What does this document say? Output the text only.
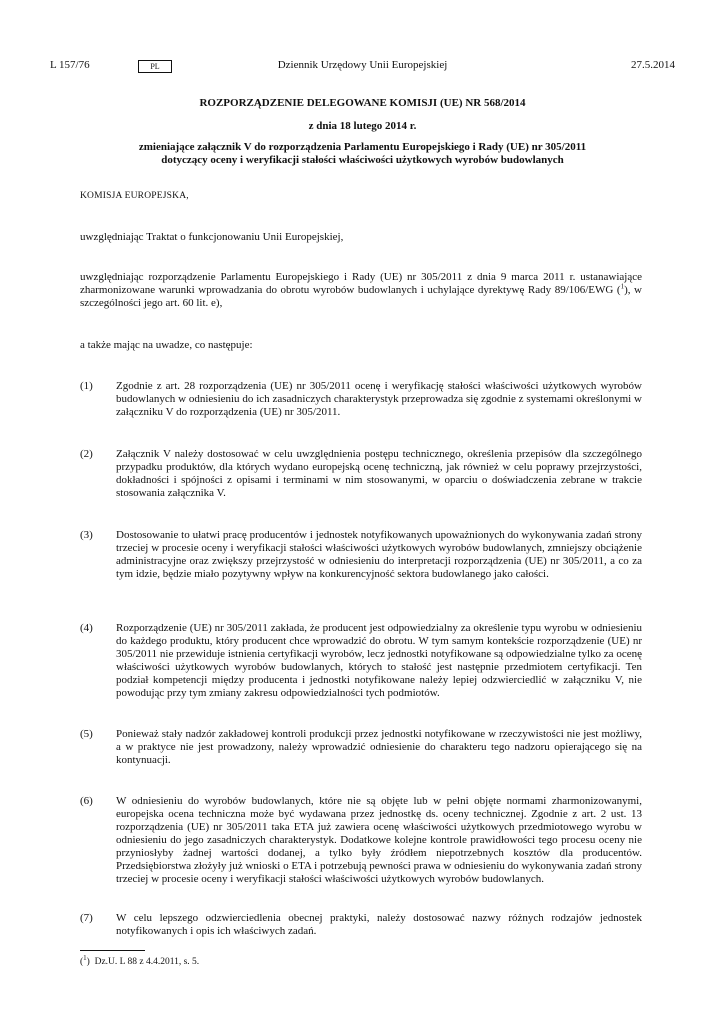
L 157/76	PL	Dziennik Urzędowy Unii Europejskiej	27.5.2014
ROZPORZĄDZENIE DELEGOWANE KOMISJI (UE) NR 568/2014
z dnia 18 lutego 2014 r.
zmieniające załącznik V do rozporządzenia Parlamentu Europejskiego i Rady (UE) nr 305/2011
dotyczący oceny i weryfikacji stałości właściwości użytkowych wyrobów budowlanych
KOMISJA EUROPEJSKA,
uwzględniając Traktat o funkcjonowaniu Unii Europejskiej,
uwzględniając rozporządzenie Parlamentu Europejskiego i Rady (UE) nr 305/2011 z dnia 9 marca 2011 r. ustanawiające zharmonizowane warunki wprowadzania do obrotu wyrobów budowlanych i uchylające dyrektywę Rady 89/106/EWG ($^1$), w szczególności jego art. 60 lit. e),
a także mając na uwadze, co następuje:
(1) Zgodnie z art. 28 rozporządzenia (UE) nr 305/2011 ocenę i weryfikację stałości właściwości użytkowych wyrobów budowlanych w odniesieniu do ich zasadniczych charakterystyk przeprowadza się zgodnie z systemami określonymi w załączniku V do rozporządzenia (UE) nr 305/2011.
(2) Załącznik V należy dostosować w celu uwzględnienia postępu technicznego, określenia przepisów dla szczególnego przypadku produktów, dla których wydano europejską ocenę techniczną, jak również w celu poprawy przejrzystości, dokładności i spójności z opisami i terminami w nim stosowanymi, w oparciu o doświadczenia zebrane w trakcie stosowania załącznika V.
(3) Dostosowanie to ułatwi pracę producentów i jednostek notyfikowanych upoważnionych do wykonywania zadań strony trzeciej w procesie oceny i weryfikacji stałości właściwości użytkowych wyrobów budowlanych, zmniejszy obciążenie administracyjne oraz zwiększy przejrzystość w odniesieniu do interpretacji rozporządzenia (UE) nr 305/2011, a co za tym idzie, będzie miało pozytywny wpływ na konkurencyjność sektora budowlanego jako całości.
(4) Rozporządzenie (UE) nr 305/2011 zakłada, że producent jest odpowiedzialny za określenie typu wyrobu w odniesieniu do każdego produktu, który producent chce wprowadzić do obrotu. W tym samym kontekście rozporządzenie (UE) nr 305/2011 nie przewiduje istnienia certyfikacji wyrobów, lecz jednostki notyfikowane są odpowiedzialne tylko za ocenę właściwości użytkowych wyrobów budowlanych, których to stałość jest następnie przedmiotem certyfikacji. Ten podział kompetencji między producenta i jednostki notyfikowane należy lepiej odzwierciedlić w załączniku V, nie powodując przy tym zmiany zakresu odpowiedzialności tych podmiotów.
(5) Ponieważ stały nadzór zakładowej kontroli produkcji przez jednostki notyfikowane w rzeczywistości nie jest możliwy, a w praktyce nie jest prowadzony, należy wprowadzić odniesienie do charakteru tego nadzoru opierającego się na kontynuacji.
(6) W odniesieniu do wyrobów budowlanych, które nie są objęte lub w pełni objęte normami zharmonizowanymi, europejska ocena techniczna może być wydawana przez jednostkę ds. oceny technicznej. Zgodnie z art. 2 ust. 13 rozporządzenia (UE) nr 305/2011 taka ETA już zawiera ocenę właściwości użytkowych przedmiotowego wyrobu w odniesieniu do jego zasadniczych charakterystyk. Dodatkowe kolejne kontrole prawidłowości tego procesu oceny nie przyniosłyby żadnej wartości dodanej, a tylko były źródłem niepotrzebnych kosztów dla producentów. Przedsiębiorstwa złożyły już wnioski o ETA i potrzebują pewności prawa w odniesieniu do wykonywania zadań strony trzeciej w procesie oceny i weryfikacji stałości właściwości użytkowych wyrobów budowlanych.
(7) W celu lepszego odzwierciedlenia obecnej praktyki, należy dostosować nazwy różnych rodzajów jednostek notyfikowanych i opis ich właściwych zadań.
($^1$)  Dz.U. L 88 z 4.4.2011, s. 5.
